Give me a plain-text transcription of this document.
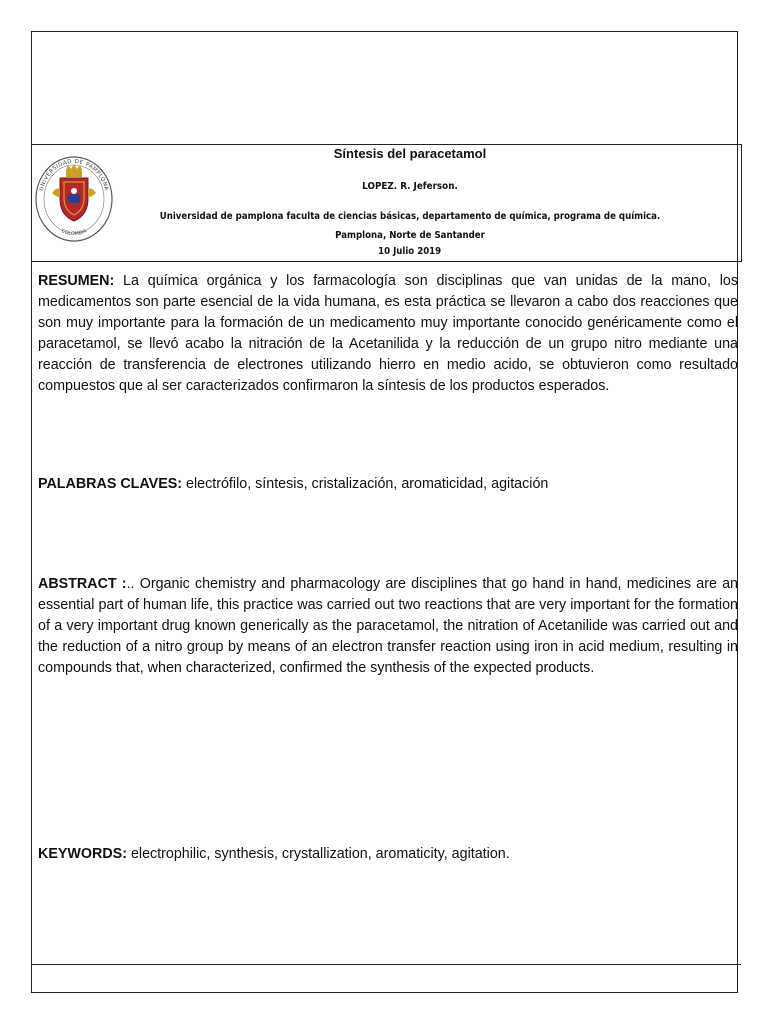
UNIVERSIDAD DE PAMPLONA
COLOMBIA
Síntesis del paracetamol
LOPEZ. R. Jeferson.
Universidad de pamplona faculta de ciencias básicas, departamento de química, programa de química.
Pamplona, Norte de Santander
10 Julio 2019

RESUMEN: La química orgánica y los farmacología son disciplinas que van unidas de la mano, los medicamentos son parte esencial de la vida humana, es esta práctica se llevaron a cabo dos reacciones que son muy importante para la formación de un medicamento muy importante conocido genéricamente como el paracetamol, se llevó acabo la nitración de la Acetanilida y la reducción de un grupo nitro mediante una reacción de transferencia de electrones utilizando hierro en medio acido, se obtuvieron como resultado compuestos que al ser caracterizados confirmaron la síntesis de los productos esperados.

PALABRAS CLAVES: electrófilo, síntesis, cristalización, aromaticidad, agitación

ABSTRACT :.. Organic chemistry and pharmacology are disciplines that go hand in hand, medicines are an essential part of human life, this practice was carried out two reactions that are very important for the formation of a very important drug known generically as the paracetamol, the nitration of Acetanilide was carried out and the reduction of a nitro group by means of an electron transfer reaction using iron in acid medium, resulting in compounds that, when characterized, confirmed the synthesis of the expected products.

KEYWORDS: electrophilic, synthesis, crystallization, aromaticity, agitation.
